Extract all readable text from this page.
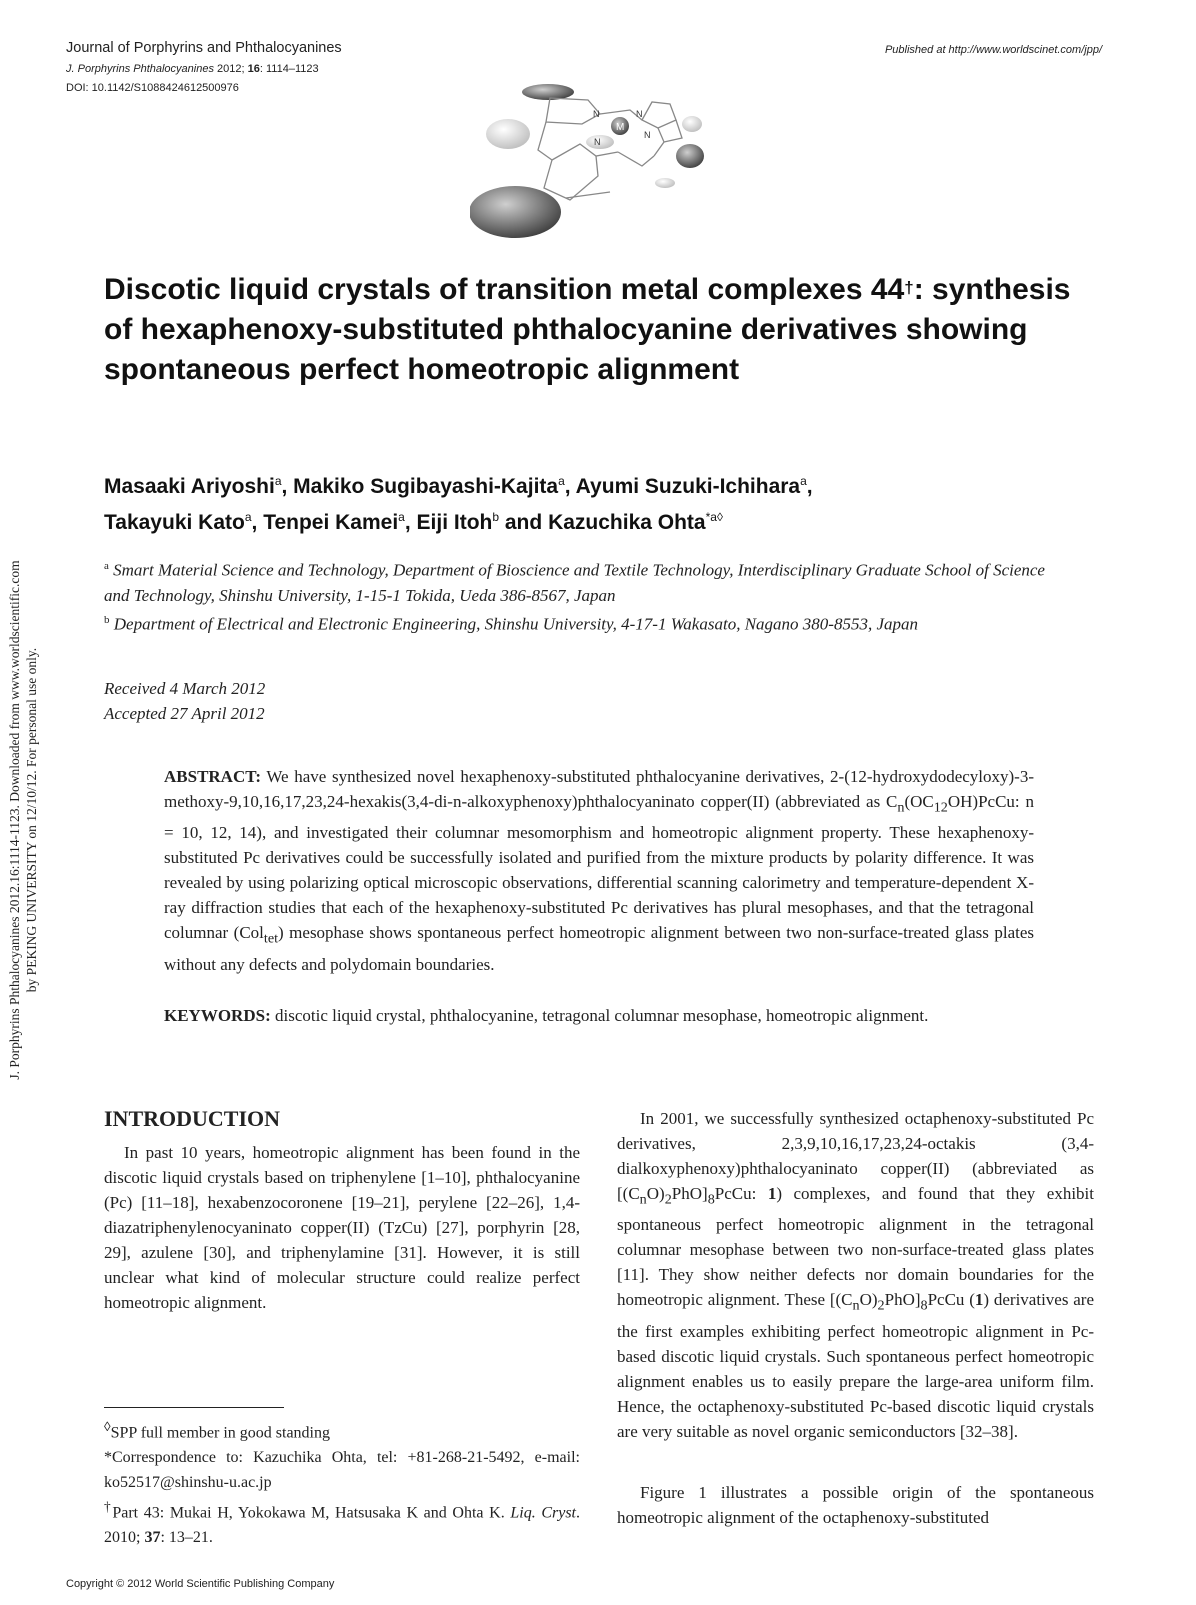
Journal of Porphyrins and Phthalocyanines
J. Porphyrins Phthalocyanines 2012; 16: 1114–1123
DOI: 10.1142/S1088424612500976
Published at http://www.worldscinet.com/jpp/
M
N	N
N
N
J. Porphyrins Phthalocyanines 2012.16:1114-1123. Downloaded from www.worldscientific.com by PEKING UNIVERSITY on 12/10/12. For personal use only.
Discotic liquid crystals of transition metal complexes 44†: synthesis of hexaphenoxy-substituted phthalocyanine derivatives showing spontaneous perfect homeotropic alignment
Masaaki Ariyoshi$^a$, Makiko Sugibayashi-Kajita$^a$, Ayumi Suzuki-Ichihara$^a$,
Takayuki Kato$^a$, Tenpei Kamei$^a$, Eiji Itoh$^b$ and Kazuchika Ohta$^{*a◊}$
$^a$ Smart Material Science and Technology, Department of Bioscience and Textile Technology, Interdisciplinary Graduate School of Science and Technology, Shinshu University, 1-15-1 Tokida, Ueda 386-8567, Japan
$^b$ Department of Electrical and Electronic Engineering, Shinshu University, 4-17-1 Wakasato, Nagano 380-8553, Japan
Received 4 March 2012
Accepted 27 April 2012
ABSTRACT: We have synthesized novel hexaphenoxy-substituted phthalocyanine derivatives, 2-(12-hydroxydodecyloxy)-3-methoxy-9,10,16,17,23,24-hexakis(3,4-di-n-alkoxyphenoxy)phthalocyaninato copper(II) (abbreviated as $C_n(OC_{12}OH)PcCu$: n = 10, 12, 14), and investigated their columnar mesomorphism and homeotropic alignment property. These hexaphenoxy-substituted Pc derivatives could be successfully isolated and purified from the mixture products by polarity difference. It was revealed by using polarizing optical microscopic observations, differential scanning calorimetry and temperature-dependent X-ray diffraction studies that each of the hexaphenoxy-substituted Pc derivatives has plural mesophases, and that the tetragonal columnar (Col$_{tet}$) mesophase shows spontaneous perfect homeotropic alignment between two non-surface-treated glass plates without any defects and polydomain boundaries.
KEYWORDS: discotic liquid crystal, phthalocyanine, tetragonal columnar mesophase, homeotropic alignment.
INTRODUCTION
In past 10 years, homeotropic alignment has been found in the discotic liquid crystals based on triphenylene [1–10], phthalocyanine (Pc) [11–18], hexabenzocoronene [19–21], perylene [22–26], 1,4-diazatriphenylenocyaninato copper(II) (TzCu) [27], porphyrin [28, 29], azulene [30], and triphenylamine [31]. However, it is still unclear what kind of molecular structure could realize perfect homeotropic alignment.
◊SPP full member in good standing
*Correspondence to: Kazuchika Ohta, tel: +81-268-21-5492, e-mail: ko52517@shinshu-u.ac.jp
†Part 43: Mukai H, Yokokawa M, Hatsusaka K and Ohta K. Liq. Cryst. 2010; 37: 13–21.
In 2001, we successfully synthesized octaphenoxy-substituted Pc derivatives, 2,3,9,10,16,17,23,24-octakis (3,4-dialkoxyphenoxy)phthalocyaninato copper(II) (abbreviated as $[(C_nO)_2PhO]_8PcCu$: 1) complexes, and found that they exhibit spontaneous perfect homeotropic alignment in the tetragonal columnar mesophase between two non-surface-treated glass plates [11]. They show neither defects nor domain boundaries for the homeotropic alignment. These $[(C_nO)_2PhO]_8PcCu$ (1) derivatives are the first examples exhibiting perfect homeotropic alignment in Pc-based discotic liquid crystals. Such spontaneous perfect homeotropic alignment enables us to easily prepare the large-area uniform film. Hence, the octaphenoxy-substituted Pc-based discotic liquid crystals are very suitable as novel organic semiconductors [32–38].
Figure 1 illustrates a possible origin of the spontaneous homeotropic alignment of the octaphenoxy-substituted
Copyright © 2012 World Scientific Publishing Company
